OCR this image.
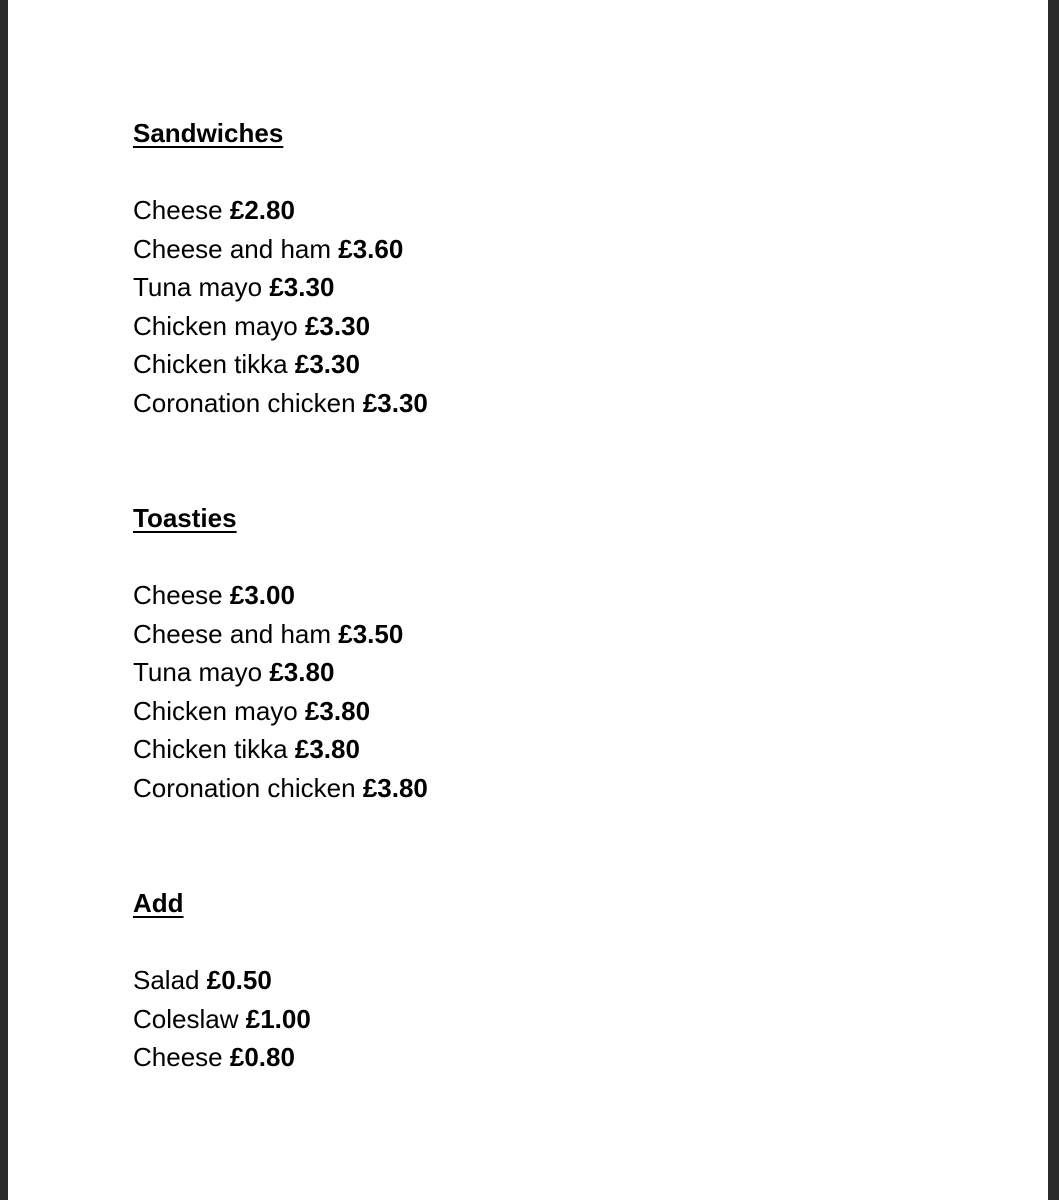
Sandwiches
Cheese £2.80
Cheese and ham £3.60
Tuna mayo £3.30
Chicken mayo £3.30
Chicken tikka £3.30
Coronation chicken £3.30
Toasties
Cheese £3.00
Cheese and ham £3.50
Tuna mayo £3.80
Chicken mayo £3.80
Chicken tikka £3.80
Coronation chicken £3.80
Add
Salad £0.50
Coleslaw £1.00
Cheese £0.80
